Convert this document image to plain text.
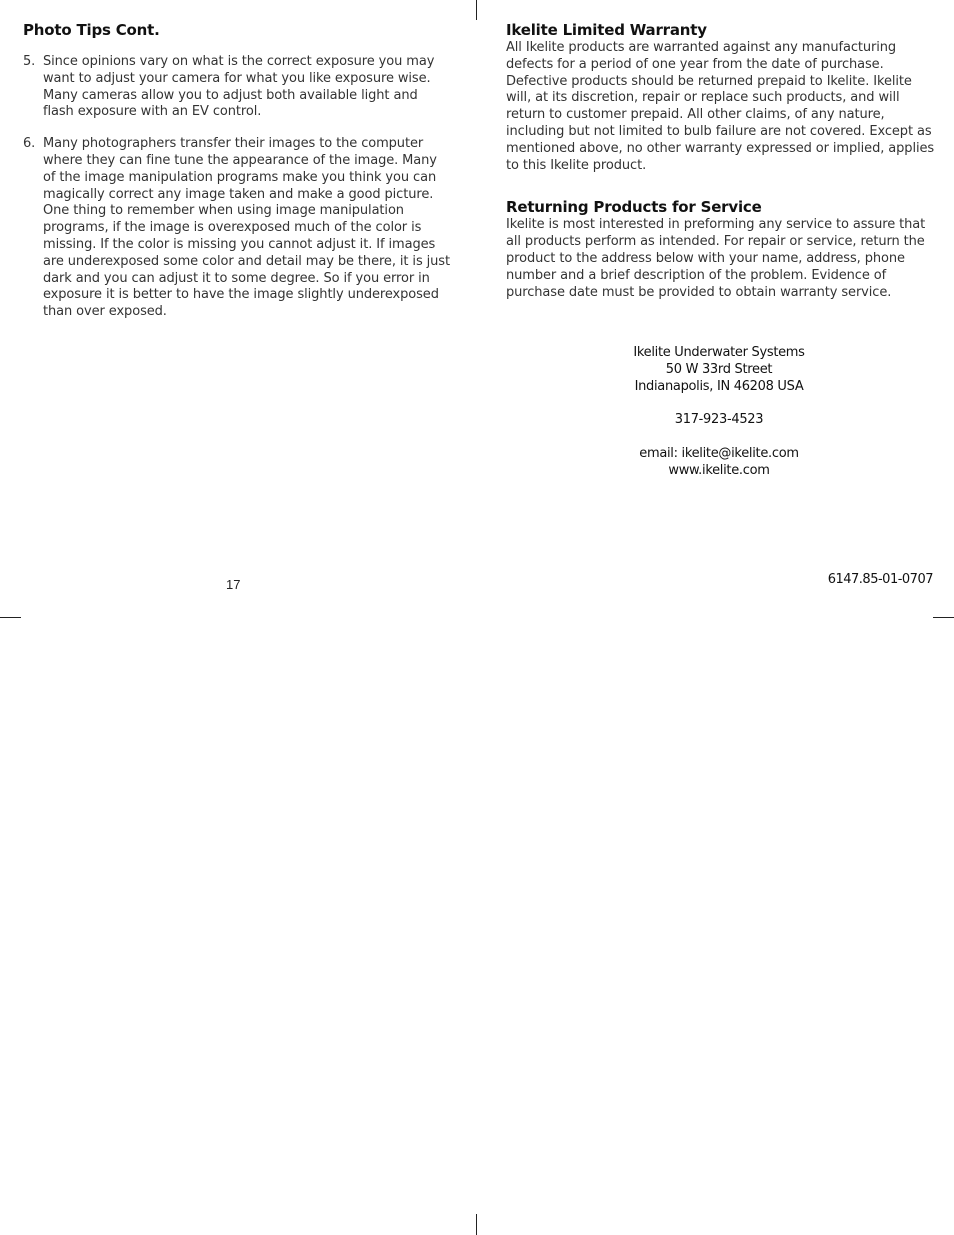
Photo Tips Cont.
5. Since opinions vary on what is the correct exposure you may want to adjust your camera for what you like exposure wise. Many cameras allow you to adjust both available light and flash exposure with an EV control.

6. Many photographers transfer their images to the computer where they can fine tune the appearance of the image. Many of the image manipulation programs make you think you can magically correct any image taken and make a good picture. One thing to remember when using image manipulation programs, if the image is overexposed much of the color is missing. If the color is missing you cannot adjust it. If images are underexposed some color and detail may be there, it is just dark and you can adjust it to some degree. So if you error in exposure it is better to have the image slightly underexposed than over exposed.

Ikelite Limited Warranty

All Ikelite products are warranted against any manufacturing defects for a period of one year from the date of purchase. Defective products should be returned prepaid to Ikelite. Ikelite will, at its discretion, repair or replace such products, and will return to customer prepaid. All other claims, of any nature, including but not limited to bulb failure are not covered. Except as mentioned above, no other warranty expressed or implied, applies to this Ikelite product.

Returning Products for Service

Ikelite is most interested in preforming any service to assure that all products perform as intended. For repair or service, return the product to the address below with your name, address, phone number and a brief description of the problem. Evidence of purchase date must be provided to obtain warranty service.

Ikelite Underwater Systems
50 W 33rd Street
Indianapolis, IN 46208 USA
317-923-4523
email: ikelite@ikelite.com
www.ikelite.com
17	6147.85-01-0707
